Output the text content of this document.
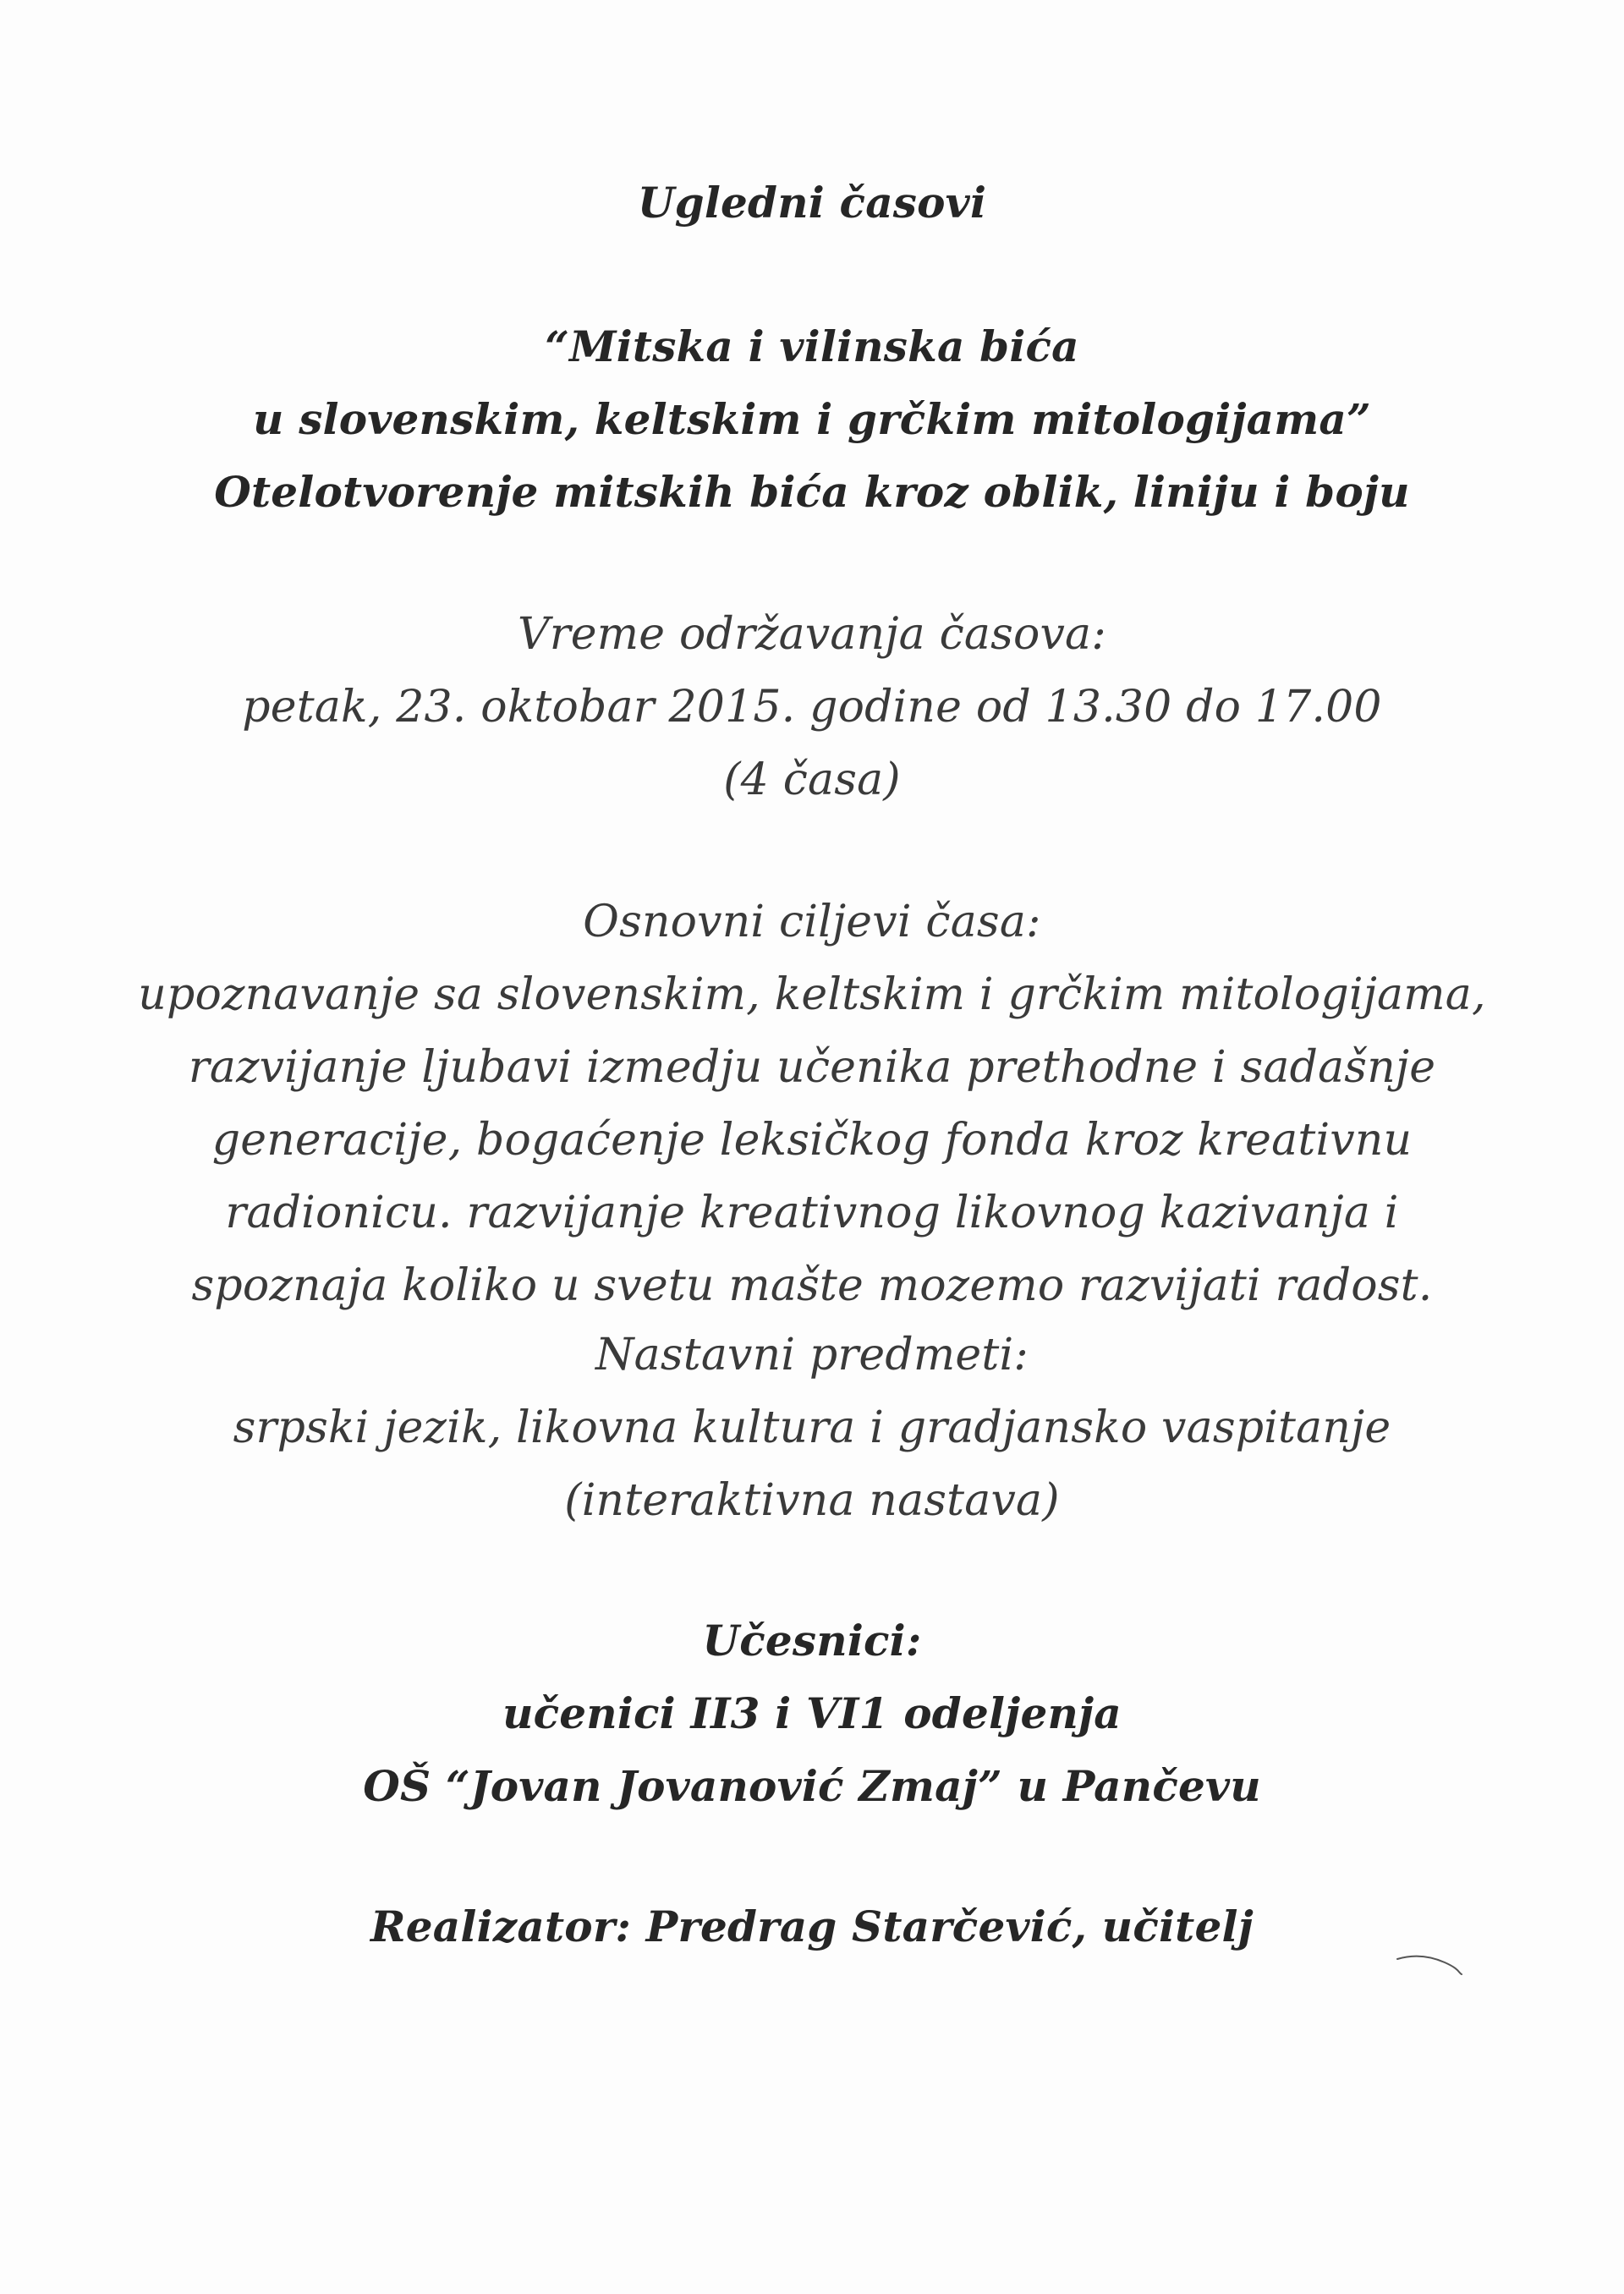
Ugledni časovi
“Mitska i vilinska bića
u slovenskim, keltskim i grčkim mitologijama”
Otelotvorenje mitskih bića kroz oblik, liniju i boju
Vreme održavanja časova:
petak, 23. oktobar 2015. godine od 13.30 do 17.00
(4 časa)
Osnovni ciljevi časa:
upoznavanje sa slovenskim, keltskim i grčkim mitologijama,
razvijanje ljubavi izmedju učenika prethodne i sadašnje
generacije, bogaćenje leksičkog fonda kroz kreativnu
radionicu. razvijanje kreativnog likovnog kazivanja i
spoznaja koliko u svetu mašte mozemo razvijati radost.
Nastavni predmeti:
srpski jezik, likovna kultura i gradjansko vaspitanje
(interaktivna nastava)
Učesnici:
učenici II3 i VI1 odeljenja
OŠ “Jovan Jovanović Zmaj” u Pančevu
Realizator: Predrag Starčević, učitelj
